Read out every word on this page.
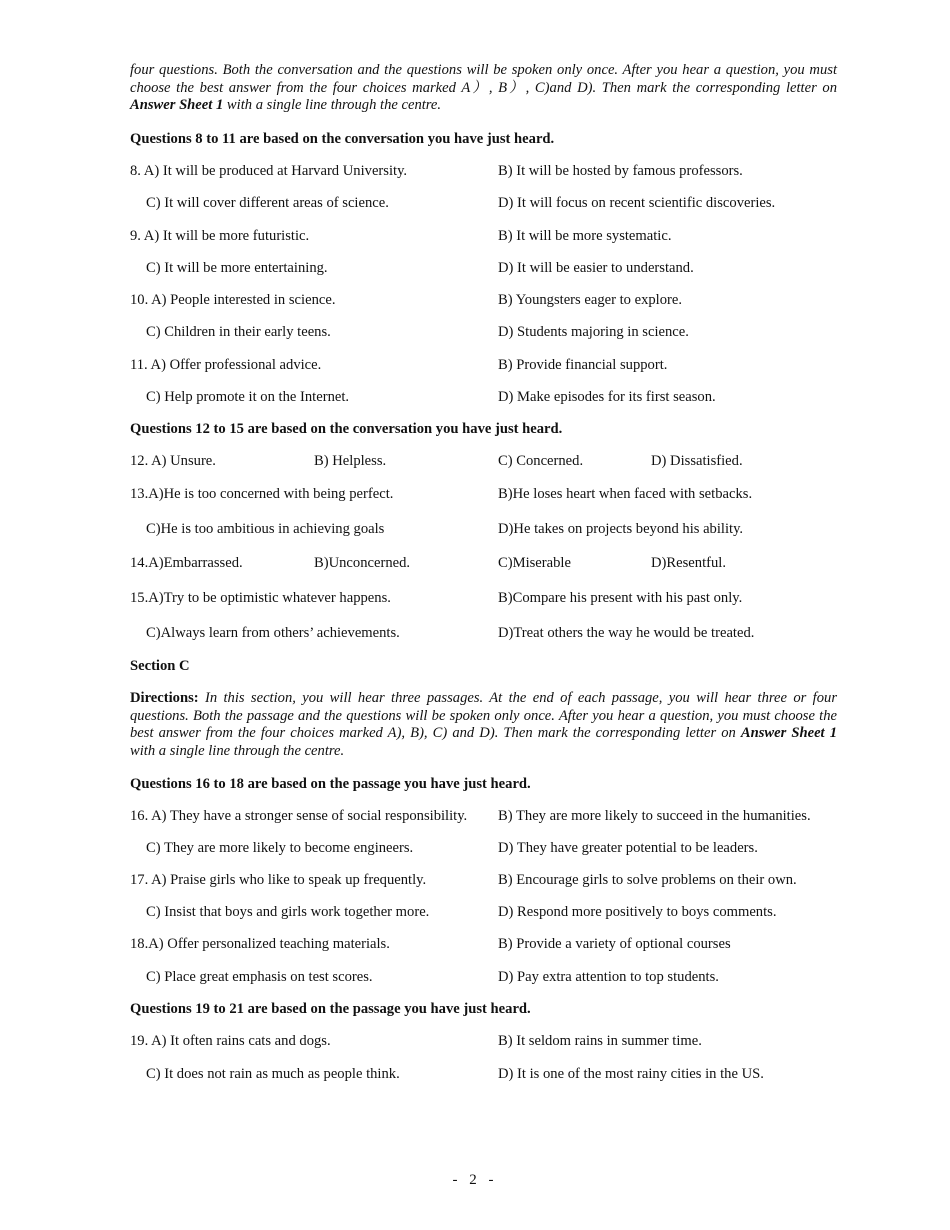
four questions. Both the conversation and the questions will be spoken only once. After you hear a question, you must choose the best answer from the four choices marked A）, B）, C)and D). Then mark the corresponding letter on Answer Sheet 1 with a single line through the centre.
Questions 8 to 11 are based on the conversation you have just heard.
8. A) It will be produced at Harvard University.	B) It will be hosted by famous professors.
C) It will cover different areas of science.	D) It will focus on recent scientific discoveries.
9. A) It will be more futuristic.	B) It will be more systematic.
C) It will be more entertaining.	D) It will be easier to understand.
10. A) People interested in science.	B) Youngsters eager to explore.
C) Children in their early teens.	D) Students majoring in science.
11. A) Offer professional advice.	B) Provide financial support.
C) Help promote it on the Internet.	D) Make episodes for its first season.
Questions 12 to 15 are based on the conversation you have just heard.
12. A) Unsure.	B) Helpless.	C) Concerned.	D) Dissatisfied.
13.A)He is too concerned with being perfect.	B)He loses heart when faced with setbacks.
C)He is too ambitious in achieving goals	D)He takes on projects beyond his ability.
14.A)Embarrassed.	B)Unconcerned.	C)Miserable	D)Resentful.
15.A)Try to be optimistic whatever happens.	B)Compare his present with his past only.
C)Always learn from others’ achievements.	D)Treat others the way he would be treated.
Section C
Directions: In this section, you will hear three passages. At the end of each passage, you will hear three or four questions. Both the passage and the questions will be spoken only once. After you hear a question, you must choose the best answer from the four choices marked A), B), C) and D). Then mark the corresponding letter on Answer Sheet 1 with a single line through the centre.
Questions 16 to 18 are based on the passage you have just heard.
16. A) They have a stronger sense of social responsibility. B) They are more likely to succeed in the humanities.
C) They are more likely to become engineers.	D) They have greater potential to be leaders.
17. A) Praise girls who like to speak up frequently.	B) Encourage girls to solve problems on their own.
C) Insist that boys and girls work together more.	D) Respond more positively to boys comments.
18.A) Offer personalized teaching materials.	B) Provide a variety of optional courses
C) Place great emphasis on test scores.	D) Pay extra attention to top students.
Questions 19 to 21 are based on the passage you have just heard.
19. A) It often rains cats and dogs.	B) It seldom rains in summer time.
C) It does not rain as much as people think.	D) It is one of the most rainy cities in the US.
- 2 -
